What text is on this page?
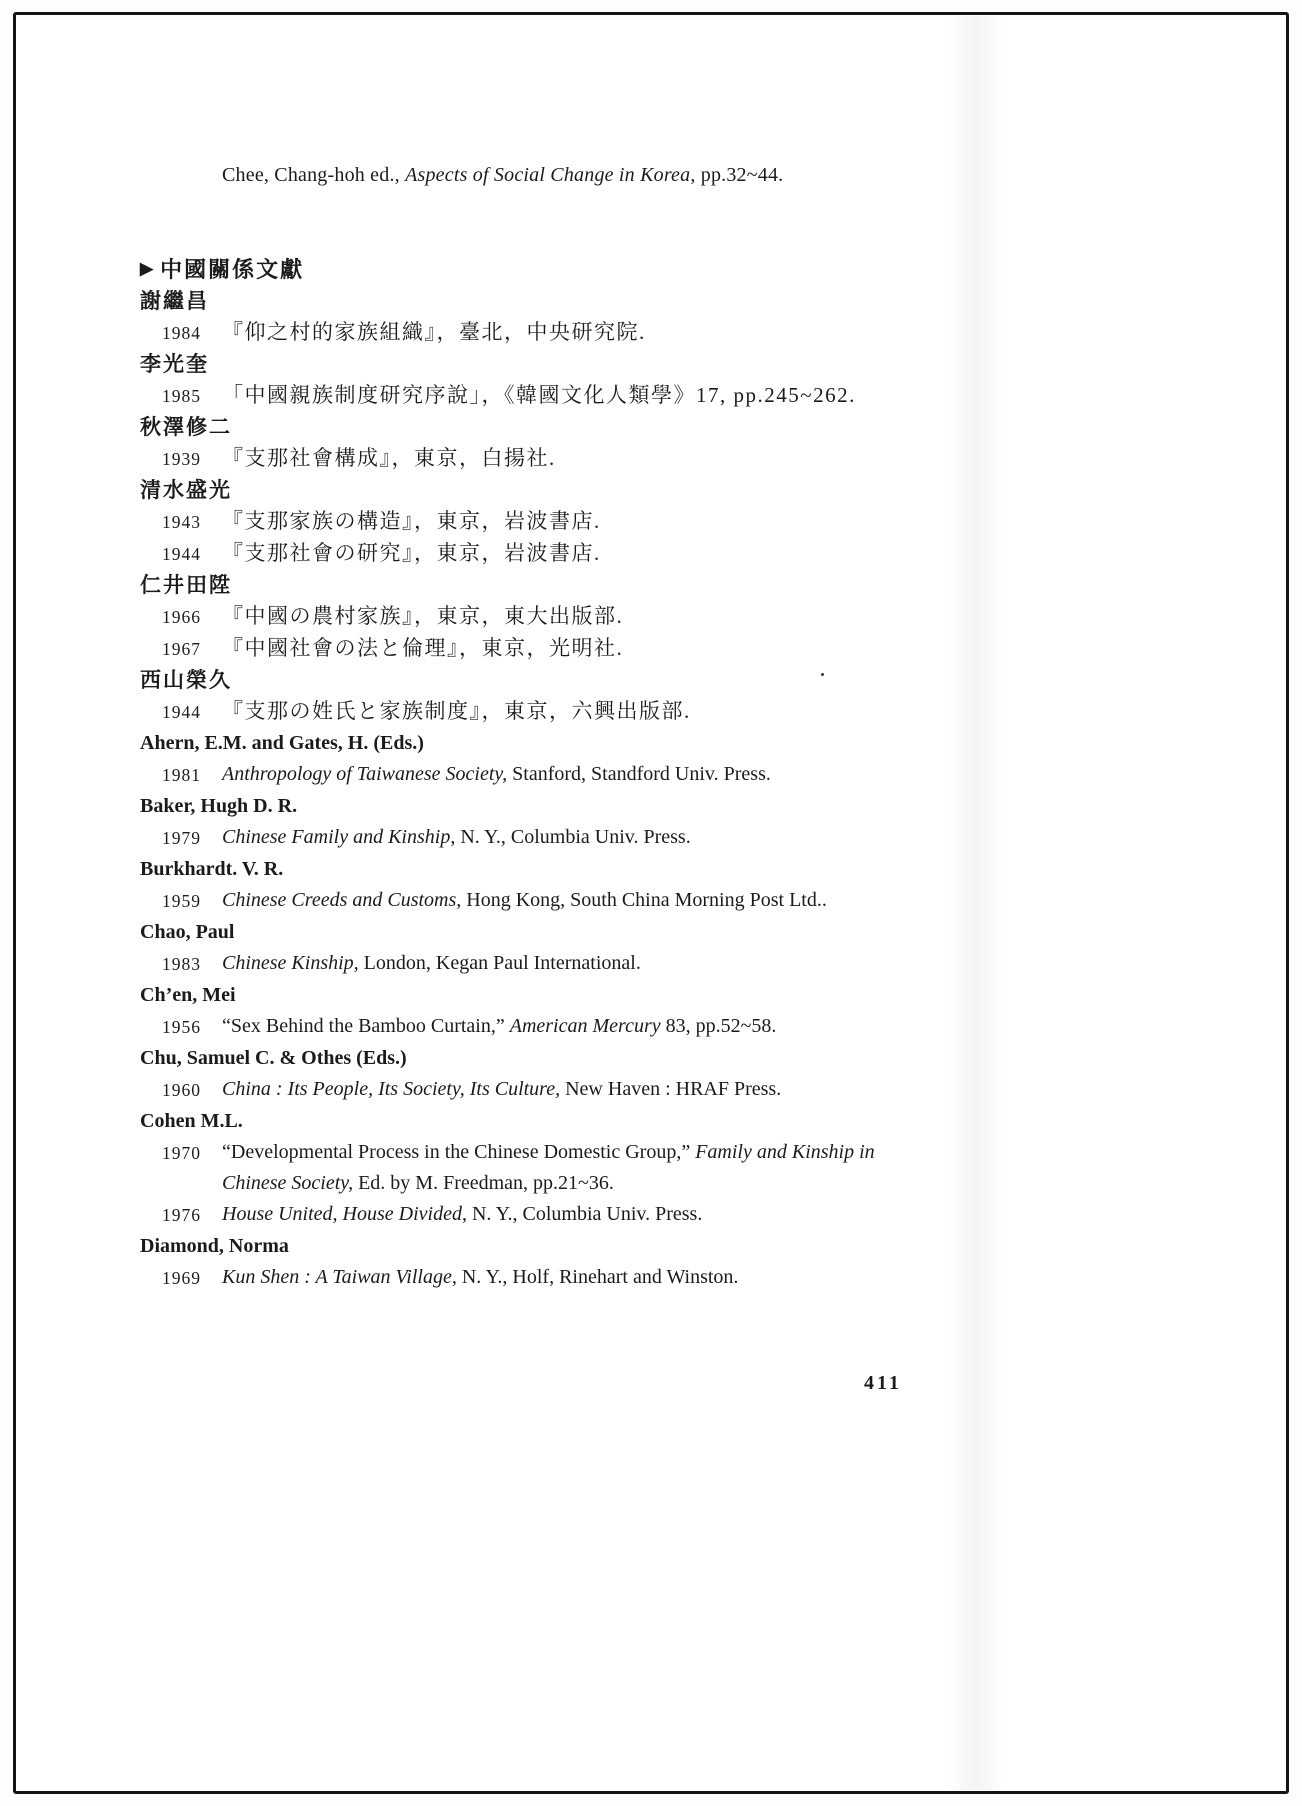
Chee, Chang-hoh ed., Aspects of Social Change in Korea, pp.32~44.
▶ 中國關係文獻
謝繼昌
1984	『仰之村的家族組織』，臺北，中央研究院.
李光奎
1985	「中國親族制度研究序說」，《韓國文化人類學》17, pp.245~262.
秋澤修二
1939	『支那社會構成』，東京，白揚社.
清水盛光
1943	『支那家族の構造』，東京，岩波書店.
1944	『支那社會の研究』，東京，岩波書店.
仁井田陞
1966	『中國の農村家族』，東京，東大出版部.
1967	『中國社會の法と倫理』，東京，光明社.
西山榮久
1944	『支那の姓氏と家族制度』，東京，六興出版部.
Ahern, E.M. and Gates, H. (Eds.)
1981	Anthropology of Taiwanese Society, Stanford, Standford Univ. Press.
Baker, Hugh D. R.
1979	Chinese Family and Kinship, N. Y., Columbia Univ. Press.
Burkhardt. V. R.
1959	Chinese Creeds and Customs, Hong Kong, South China Morning Post Ltd..
Chao, Paul
1983	Chinese Kinship, London, Kegan Paul International.
Ch’en, Mei
1956	“Sex Behind the Bamboo Curtain,” American Mercury 83, pp.52~58.
Chu, Samuel C. & Othes (Eds.)
1960	China : Its People, Its Society, Its Culture, New Haven : HRAF Press.
Cohen M.L.
1970	“Developmental Process in the Chinese Domestic Group,” Family and Kinship in Chinese Society, Ed. by M. Freedman, pp.21~36.
1976	House United, House Divided, N. Y., Columbia Univ. Press.
Diamond, Norma
1969	Kun Shen : A Taiwan Village, N. Y., Holf, Rinehart and Winston.
411
